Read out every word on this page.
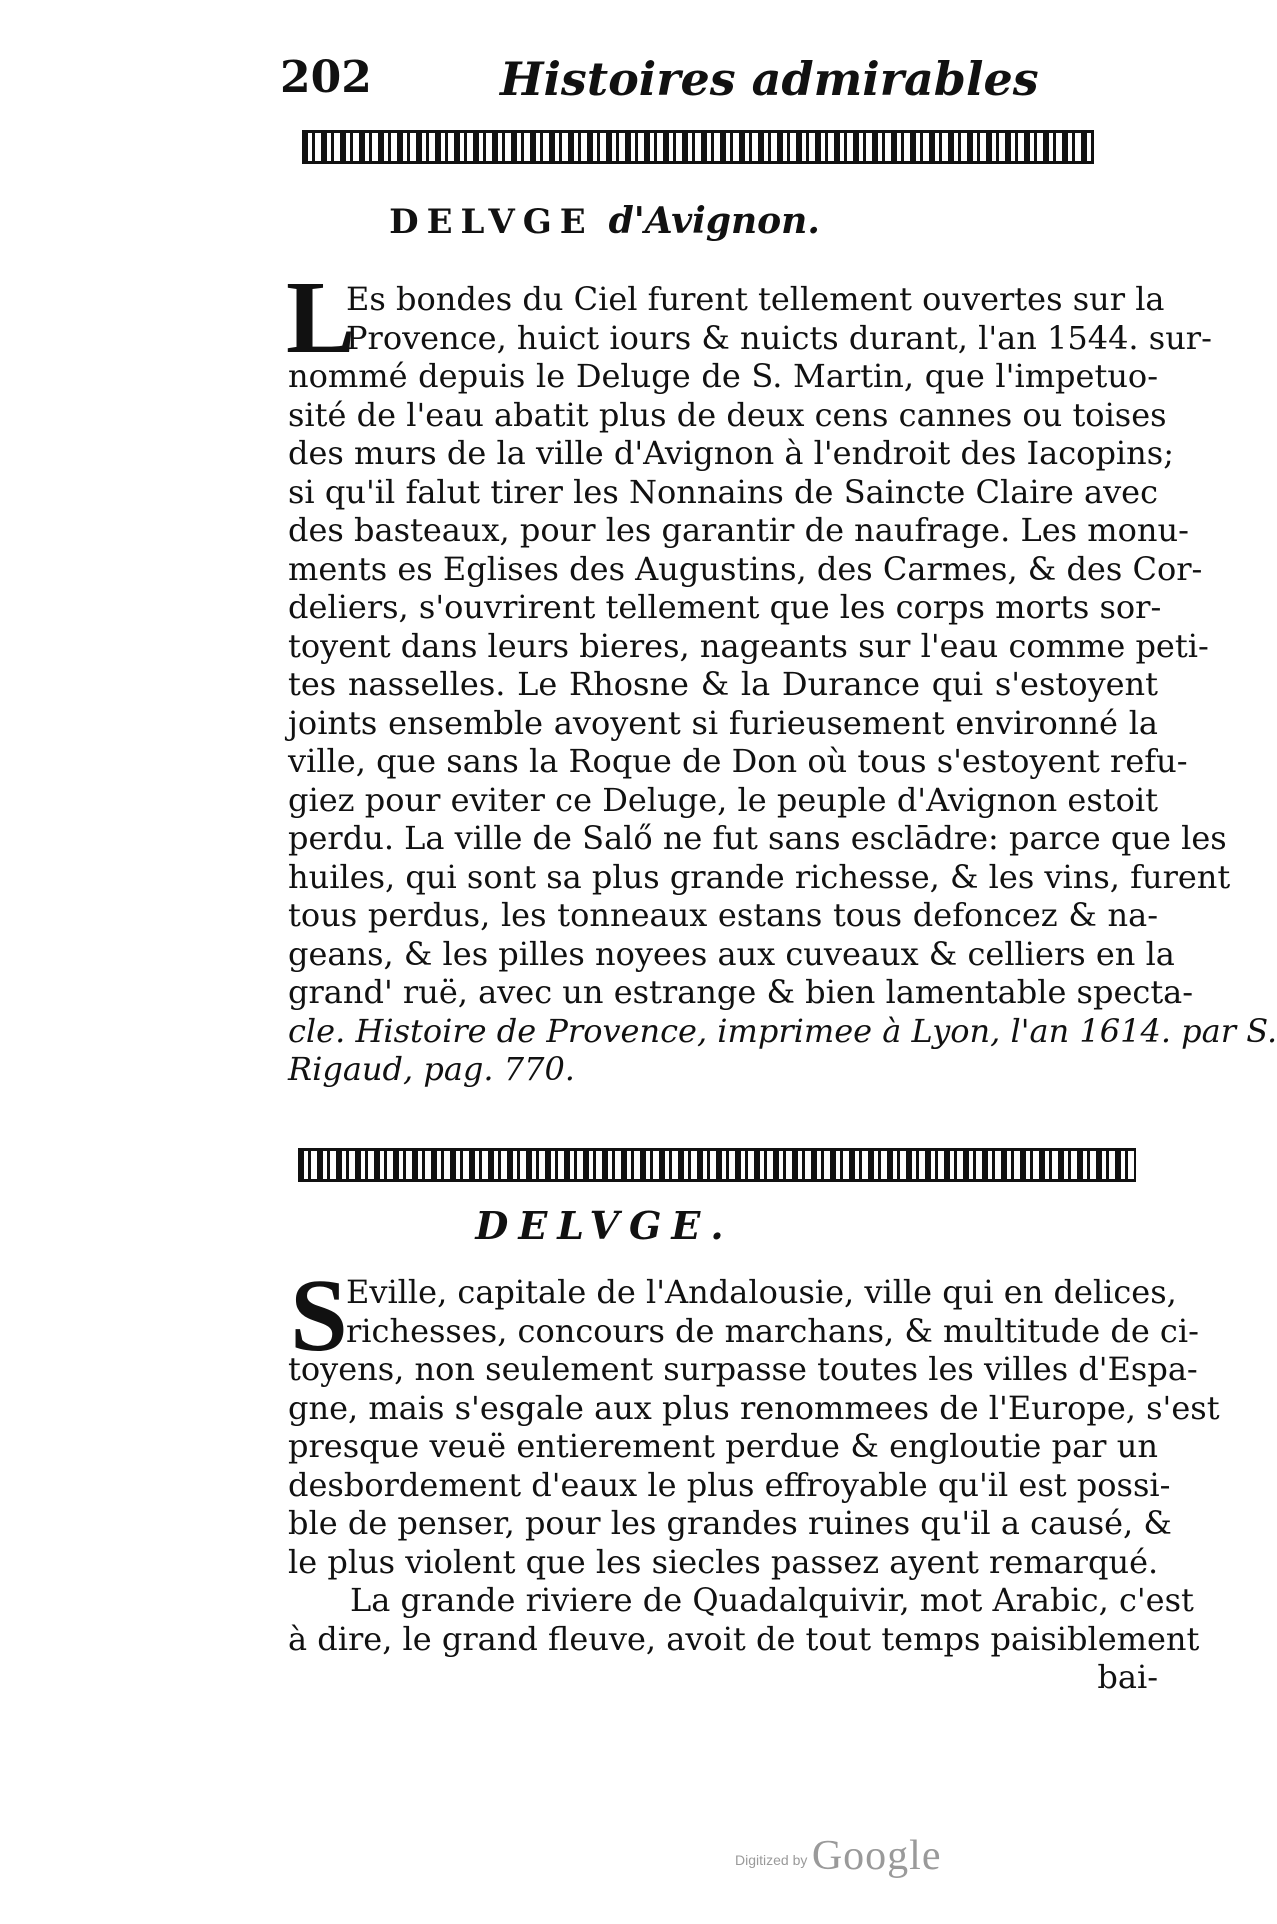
202	Histoires admirables
DELVGE d'Avignon.
L
Es bondes du Ciel furent tellement ouvertes sur la
Provence, huict iours & nuicts durant, l'an 1544. sur-
nommé depuis le Deluge de S. Martin, que l'impetuo-
sité de l'eau abatit plus de deux cens cannes ou toises
des murs de la ville d'Avignon à l'endroit des Iacopins;
si qu'il falut tirer les Nonnains de Saincte Claire avec
des basteaux, pour les garantir de naufrage. Les monu-
ments es Eglises des Augustins, des Carmes, & des Cor-
deliers, s'ouvrirent tellement que les corps morts sor-
toyent dans leurs bieres, nageants sur l'eau comme peti-
tes nasselles. Le Rhosne & la Durance qui s'estoyent
joints ensemble avoyent si furieusement environné la
ville, que sans la Roque de Don où tous s'estoyent refu-
giez pour eviter ce Deluge, le peuple d'Avignon estoit
perdu. La ville de Salő ne fut sans esclādre: parce que les
huiles, qui sont sa plus grande richesse, & les vins, furent
tous perdus, les tonneaux estans tous defoncez & na-
geans, & les pilles noyees aux cuveaux & celliers en la
grand' ruë, avec un estrange & bien lamentable specta-
cle. Histoire de Provence, imprimee à Lyon, l'an 1614. par S.
Rigaud, pag. 770.
DELVGE.
S
Eville, capitale de l'Andalousie, ville qui en delices,
richesses, concours de marchans, & multitude de ci-
toyens, non seulement surpasse toutes les villes d'Espa-
gne, mais s'esgale aux plus renommees de l'Europe, s'est
presque veuë entierement perdue & engloutie par un
desbordement d'eaux le plus effroyable qu'il est possi-
ble de penser, pour les grandes ruines qu'il a causé, &
le plus violent que les siecles passez ayent remarqué.
La grande riviere de Quadalquivir, mot Arabic, c'est
à dire, le grand fleuve, avoit de tout temps paisiblement
bai-
Digitized by Google
